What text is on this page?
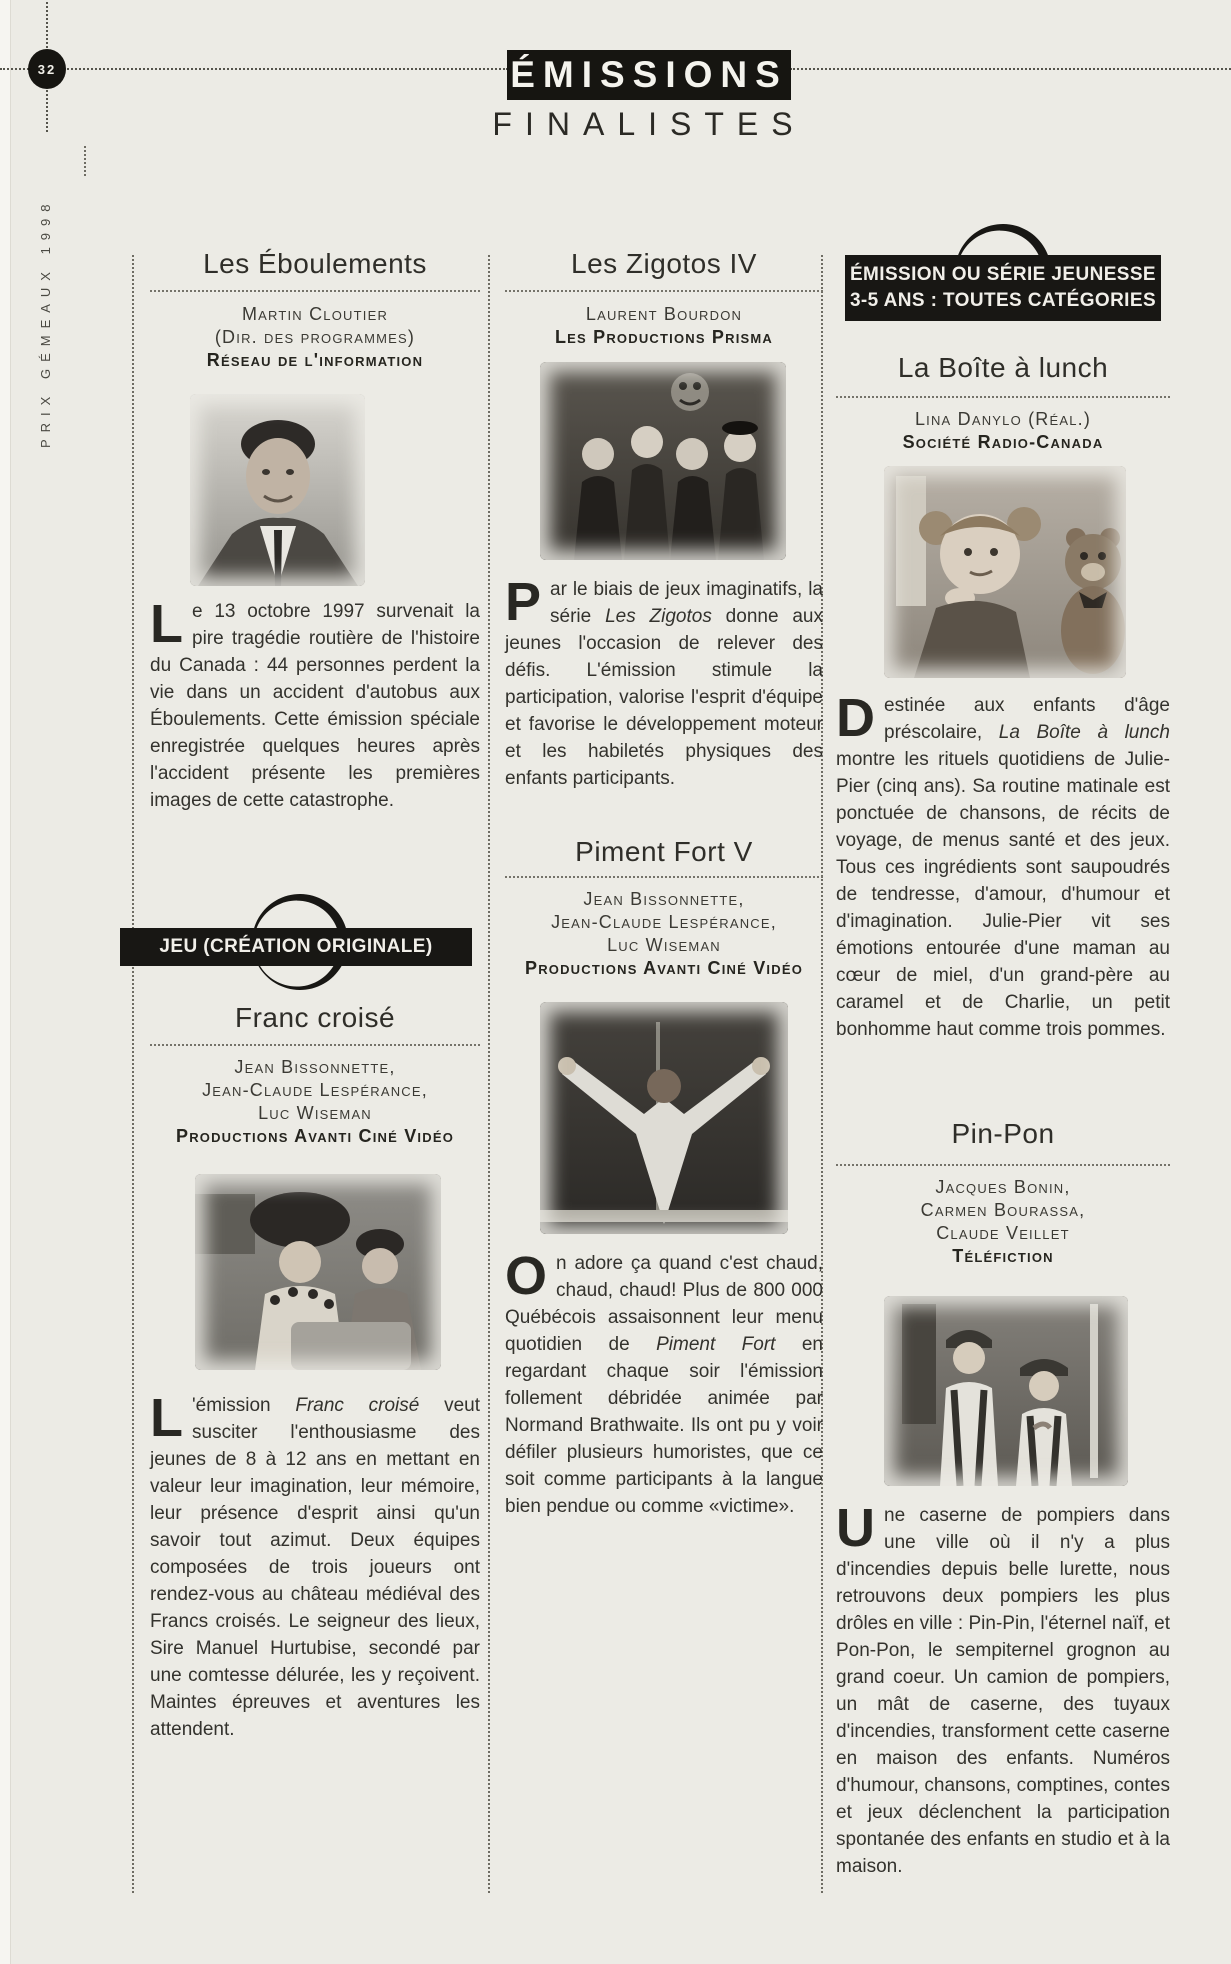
32	ÉMISSIONS
FINALISTES
PRIX GÉMEAUX 1998	Les Éboulements
Martin Cloutier
(Dir. des programmes)
Réseau de l'information
Le 13 octobre 1997 survenait la pire tragédie routière de l'histoire du Canada : 44 personnes perdent la vie dans un accident d'autobus aux Éboulements. Cette émission spéciale enregistrée quelques heures après l'accident présente les premières images de cette catastrophe.
JEU (CRÉATION ORIGINALE)
Franc croisé
Jean Bissonnette,
Jean-Claude Lespérance,
Luc Wiseman
Productions Avanti Ciné Vidéo
L 'émission Franc croisé veut susciter l'enthousiasme des jeunes de 8 à 12 ans en mettant en valeur leur imagination, leur mémoire, leur présence d'esprit ainsi qu'un savoir tout azimut. Deux équipes composées de trois joueurs ont rendez-vous au château médiéval des Francs croisés. Le seigneur des lieux, Sire Manuel Hurtubise, secondé par une comtesse délurée, les y reçoivent. Maintes épreuves et aventures les attendent.
Les Zigotos IV
Laurent Bourdon
Les Productions Prisma
Par le biais de jeux imaginatifs, la série Les Zigotos donne aux jeunes l'occasion de relever des défis. L'émission stimule la participation, valorise l'esprit d'équipe et favorise le développement moteur et les habiletés physiques des enfants participants.
Piment Fort V
Jean Bissonnette,
Jean-Claude Lespérance,
Luc Wiseman
Productions Avanti Ciné Vidéo
On adore ça quand c'est chaud, chaud, chaud! Plus de 800 000 Québécois assaisonnent leur menu quotidien de Piment Fort en regardant chaque soir l'émission follement débridée animée par Normand Brathwaite. Ils ont pu y voir défiler plusieurs humoristes, que ce soit comme participants à la langue bien pendue ou comme «victime».
ÉMISSION OU SÉRIE JEUNESSE
3-5 ANS : TOUTES CATÉGORIES
La Boîte à lunch
Lina Danylo (Réal.)
Société Radio-Canada
Destinée aux enfants d'âge préscolaire, La Boîte à lunch montre les rituels quotidiens de Julie-Pier (cinq ans). Sa routine matinale est ponctuée de chansons, de récits de voyage, de menus santé et des jeux. Tous ces ingrédients sont saupoudrés de tendresse, d'amour, d'humour et d'imagination. Julie-Pier vit ses émotions entourée d'une maman au cœur de miel, d'un grand-père au caramel et de Charlie, un petit bonhomme haut comme trois pommes.
Pin-Pon
Jacques Bonin,
Carmen Bourassa,
Claude Veillet
Téléfiction
Une caserne de pompiers dans une ville où il n'y a plus d'incendies depuis belle lurette, nous retrouvons deux pompiers les plus drôles en ville : Pin-Pin, l'éternel naïf, et Pon-Pon, le sempiternel grognon au grand coeur. Un camion de pompiers, un mât de caserne, des tuyaux d'incendies, transforment cette caserne en maison des enfants. Numéros d'humour, chansons, comptines, contes et jeux déclenchent la participation spontanée des enfants en studio et à la maison.
